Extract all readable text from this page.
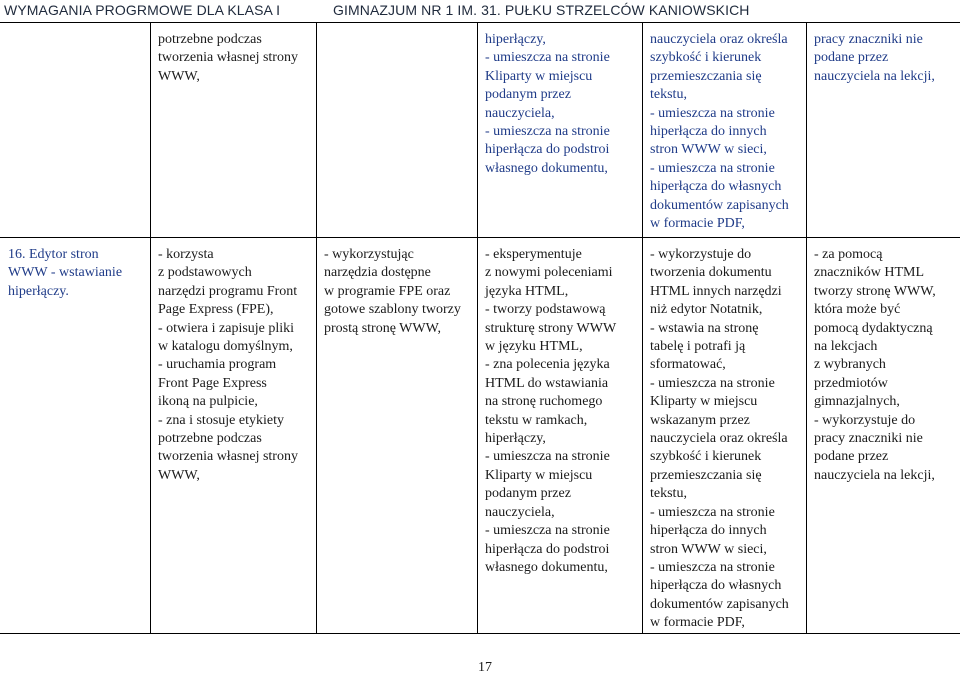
WYMAGANIA PROGRMOWE DLA KLASA I	GIMNAZJUM NR 1 IM. 31. PUŁKU STRZELCÓW KANIOWSKICH
potrzebne podczas
tworzenia własnej strony
WWW,
hiperłączy,
- umieszcza na stronie
Kliparty w miejscu
podanym przez
nauczyciela,
- umieszcza na stronie
hiperłącza do podstroi
własnego dokumentu,
nauczyciela oraz określa
szybkość i kierunek
przemieszczania się
tekstu,
- umieszcza na stronie
hiperłącza do innych
stron WWW w sieci,
- umieszcza na stronie
hiperłącza do własnych
dokumentów zapisanych
w formacie PDF,
pracy znaczniki nie
podane przez
nauczyciela na lekcji,
16. Edytor stron
WWW - wstawianie
hiperłączy.
- korzysta
z podstawowych
narzędzi programu Front
Page Express (FPE),
- otwiera i zapisuje pliki
w katalogu domyślnym,
- uruchamia program
Front Page Express
ikoną na pulpicie,
- zna i stosuje etykiety
potrzebne podczas
tworzenia własnej strony
WWW,
- wykorzystując
narzędzia dostępne
w programie FPE oraz
gotowe szablony tworzy
prostą stronę WWW,
- eksperymentuje
z nowymi poleceniami
języka HTML,
- tworzy podstawową
strukturę strony WWW
w języku HTML,
- zna polecenia języka
HTML do wstawiania
na stronę ruchomego
tekstu w ramkach,
hiperłączy,
- umieszcza na stronie
Kliparty w miejscu
podanym przez
nauczyciela,
- umieszcza na stronie
hiperłącza do podstroi
własnego dokumentu,
- wykorzystuje do
tworzenia dokumentu
HTML innych narzędzi
niż edytor Notatnik,
- wstawia na stronę
tabelę i potrafi ją
sformatować,
- umieszcza na stronie
Kliparty w miejscu
wskazanym przez
nauczyciela oraz określa
szybkość i kierunek
przemieszczania się
tekstu,
- umieszcza na stronie
hiperłącza do innych
stron WWW w sieci,
- umieszcza na stronie
hiperłącza do własnych
dokumentów zapisanych
w formacie PDF,
- za pomocą
znaczników HTML
tworzy stronę WWW,
która może być
pomocą dydaktyczną
na lekcjach
z wybranych
przedmiotów
gimnazjalnych,
- wykorzystuje do
pracy znaczniki nie
podane przez
nauczyciela na lekcji,
17
